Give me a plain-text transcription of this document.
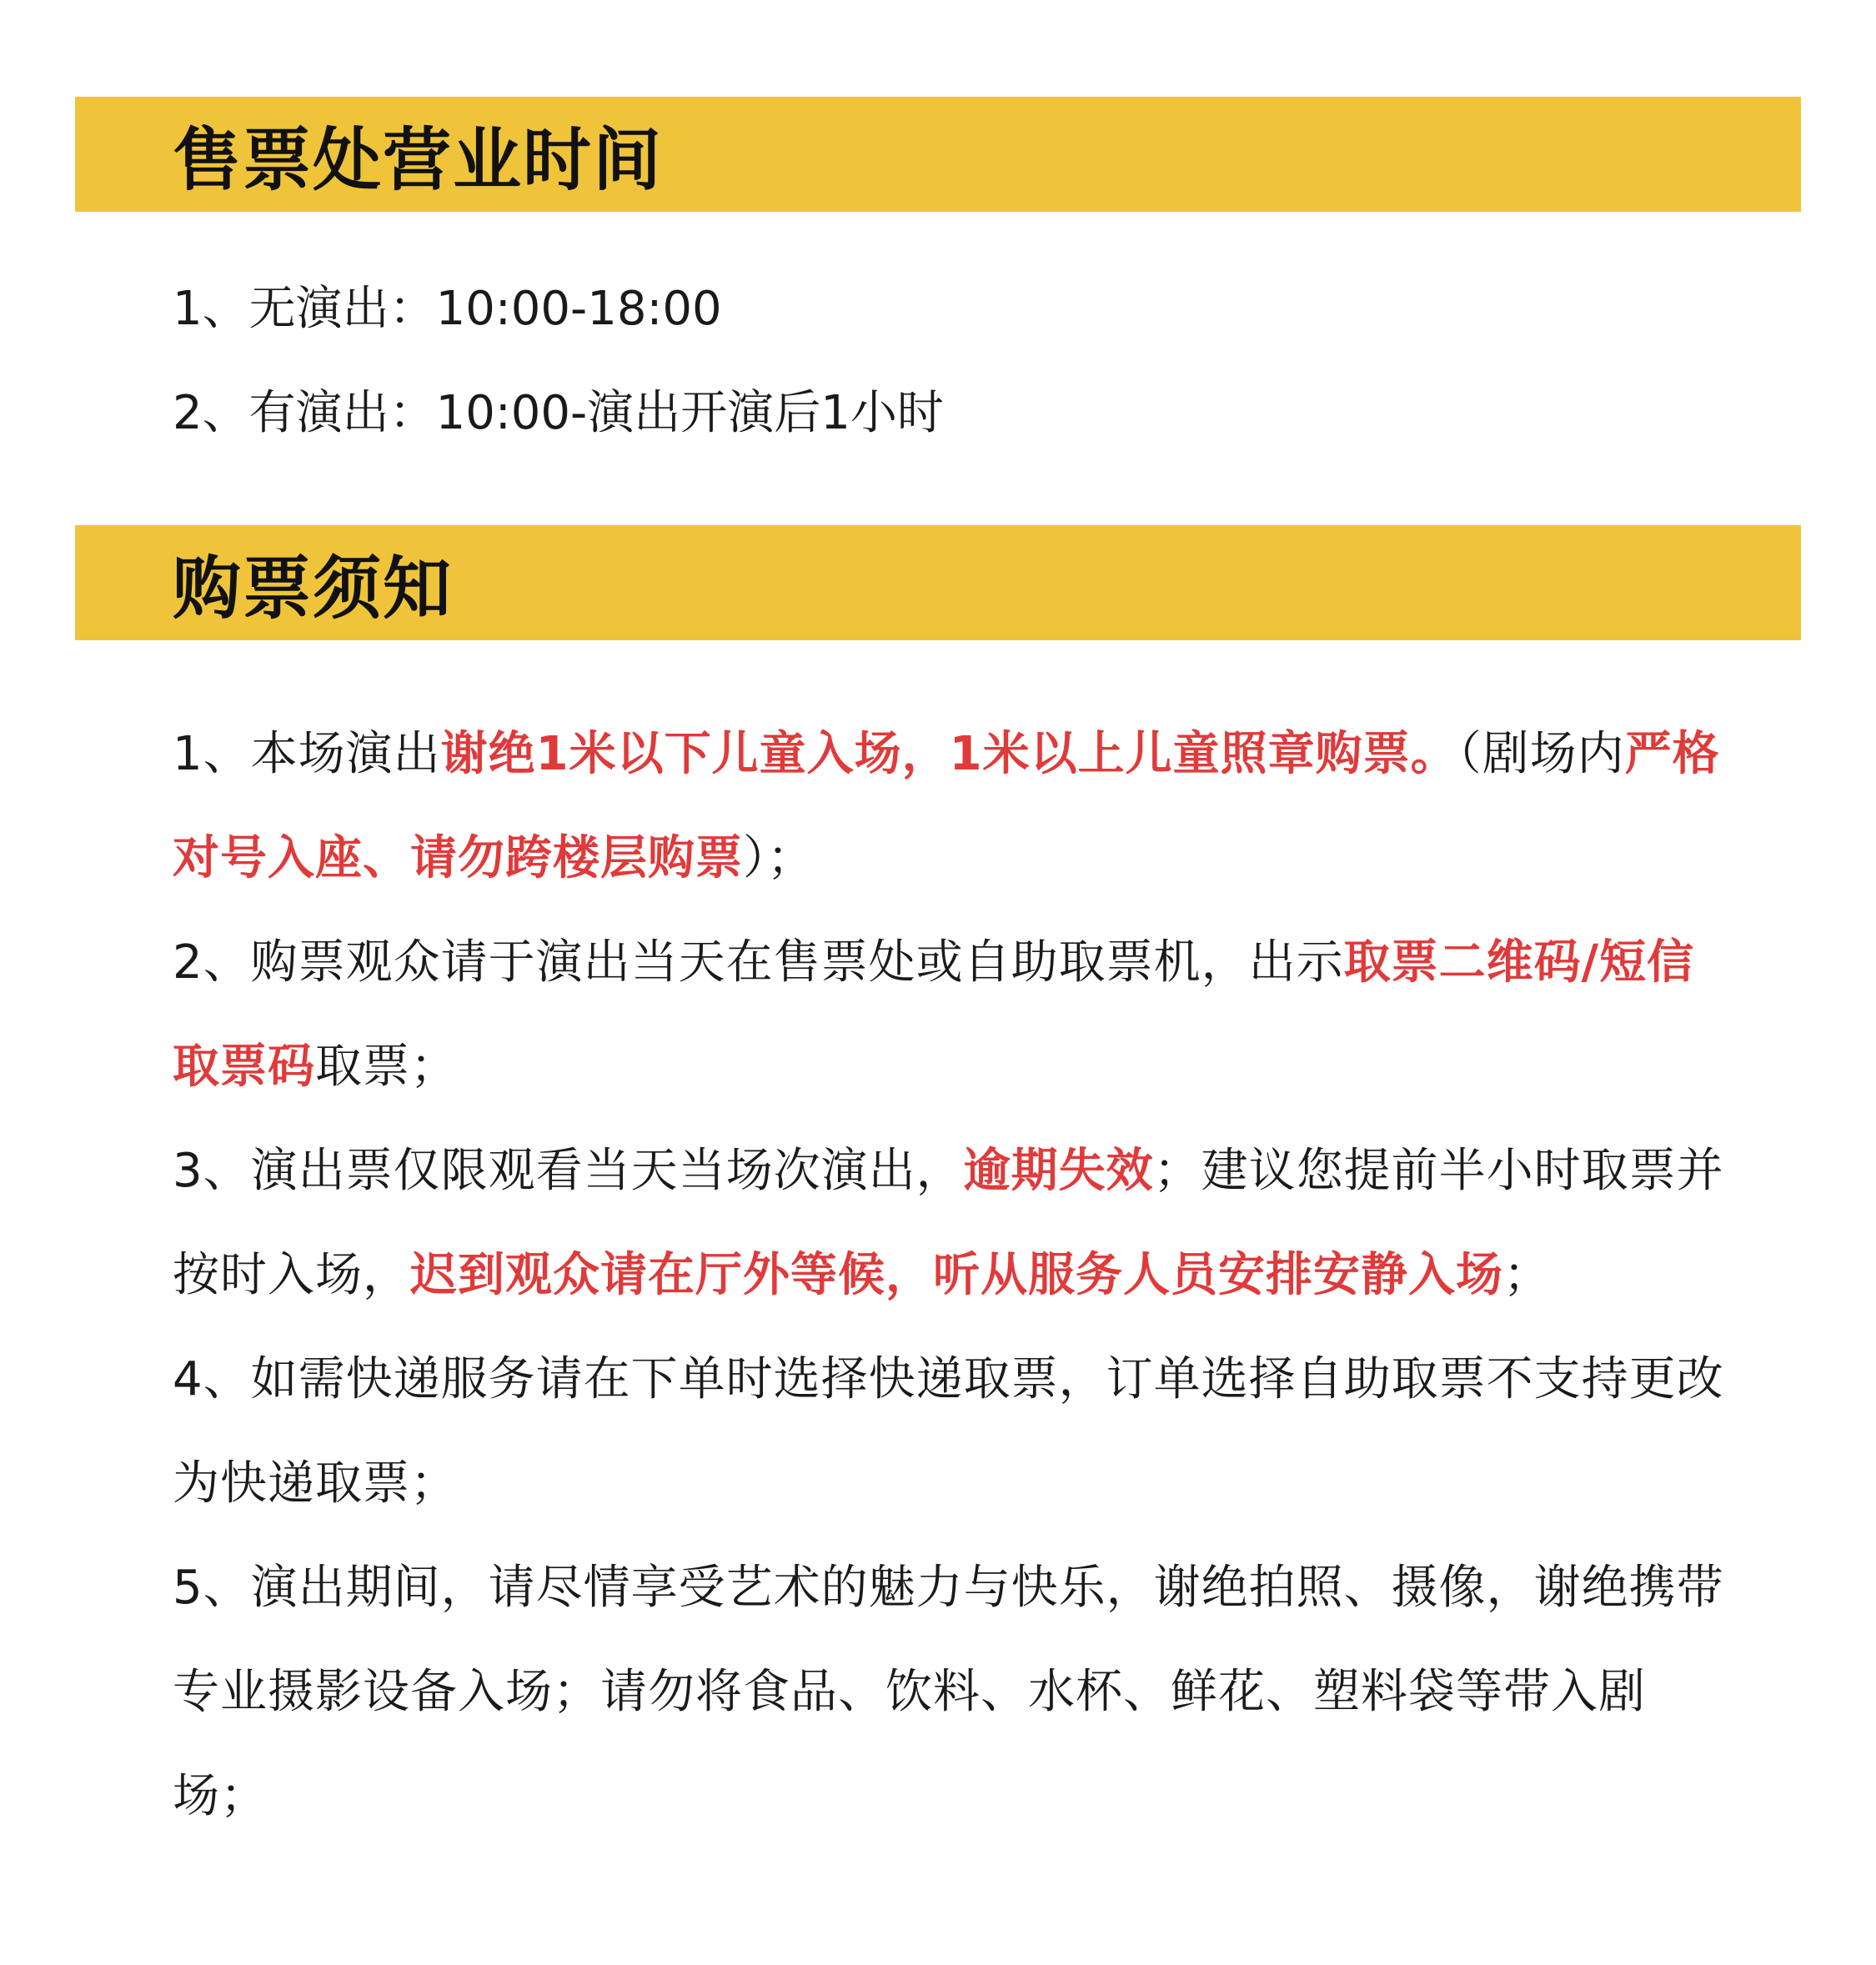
售票处营业时间
1、无演出：10:00-18:00
2、有演出：10:00-演出开演后1小时
购票须知
1、本场演出谢绝1米以下儿童入场，1米以上儿童照章购票。（剧场内严格对号入座、请勿跨楼层购票）；
2、购票观众请于演出当天在售票处或自助取票机，出示取票二维码/短信取票码取票；
3、演出票仅限观看当天当场次演出，逾期失效；建议您提前半小时取票并按时入场，迟到观众请在厅外等候，听从服务人员安排安静入场；
4、如需快递服务请在下单时选择快递取票，订单选择自助取票不支持更改为快递取票；
5、演出期间，请尽情享受艺术的魅力与快乐，谢绝拍照、摄像，谢绝携带专业摄影设备入场；请勿将食品、饮料、水杯、鲜花、塑料袋等带入剧场；
